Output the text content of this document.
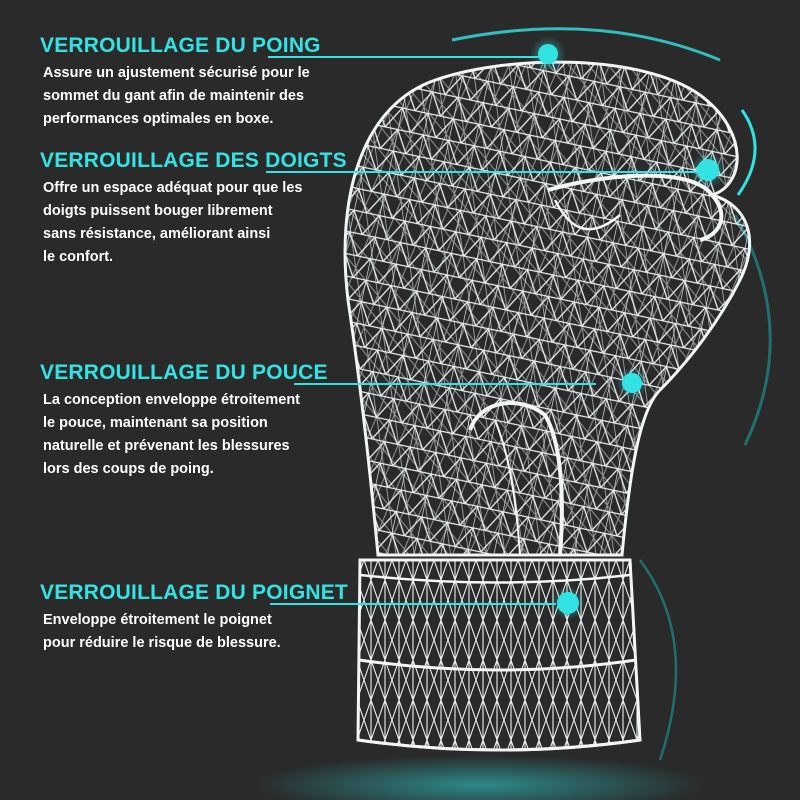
VERROUILLAGE DU POING
Assure un ajustement sécurisé pour le
sommet du gant afin de maintenir des
performances optimales en boxe.
VERROUILLAGE DES DOIGTS
Offre un espace adéquat pour que les
doigts puissent bouger librement
sans résistance, améliorant ainsi
le confort.
VERROUILLAGE DU POUCE
La conception enveloppe étroitement
le pouce, maintenant sa position
naturelle et prévenant les blessures
lors des coups de poing.
VERROUILLAGE DU POIGNET
Enveloppe étroitement le poignet
pour réduire le risque de blessure.
